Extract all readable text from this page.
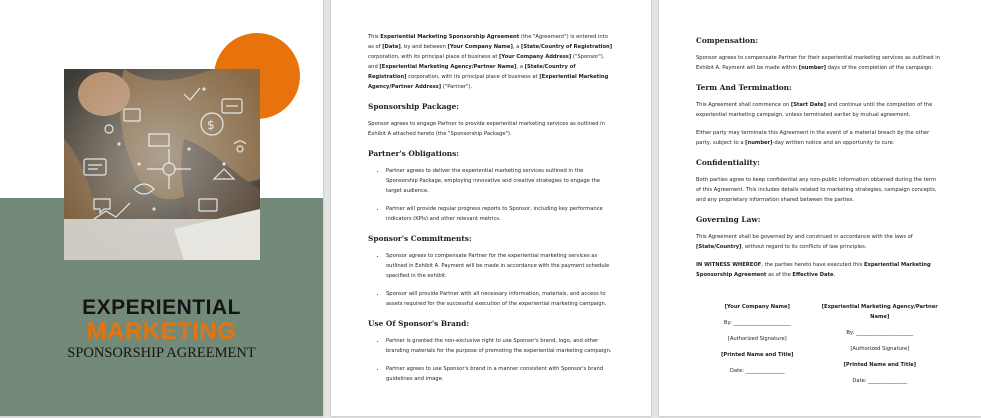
$
EXPERIENTIAL
MARKETING
SPONSORSHIP AGREEMENT

This Experiential Marketing Sponsorship Agreement (the "Agreement") is entered into as of [Date], by and between [Your Company Name], a [State/Country of Registration] corporation, with its principal place of business at [Your Company Address] ("Sponsor"), and [Experiential Marketing Agency/Partner Name], a [State/Country of Registration] corporation, with its principal place of business at [Experiential Marketing Agency/Partner Address] ("Partner").

Sponsorship Package:

Sponsor agrees to engage Partner to provide experiential marketing services as outlined in Exhibit A attached hereto (the "Sponsorship Package").

Partner's Obligations:
• Partner agrees to deliver the experiential marketing services outlined in the Sponsorship Package, employing innovative and creative strategies to engage the target audience.
• Partner will provide regular progress reports to Sponsor, including key performance indicators (KPIs) and other relevant metrics.
Sponsor's Commitments:
• Sponsor agrees to compensate Partner for the experiential marketing services as outlined in Exhibit A. Payment will be made in accordance with the payment schedule specified in the exhibit.
• Sponsor will provide Partner with all necessary information, materials, and access to assets required for the successful execution of the experiential marketing campaign.
Use Of Sponsor's Brand:
• Partner is granted the non-exclusive right to use Sponsor's brand, logo, and other branding materials for the purpose of promoting the experiential marketing campaign.
• Partner agrees to use Sponsor's brand in a manner consistent with Sponsor's brand guidelines and image.
Compensation:

Sponsor agrees to compensate Partner for their experiential marketing services as outlined in Exhibit A. Payment will be made within [number] days of the completion of the campaign.

Term And Termination:

This Agreement shall commence on [Start Date] and continue until the completion of the experiential marketing campaign, unless terminated earlier by mutual agreement.

Either party may terminate this Agreement in the event of a material breach by the other party, subject to a [number]-day written notice and an opportunity to cure.

Confidentiality:

Both parties agree to keep confidential any non-public information obtained during the term of this Agreement. This includes details related to marketing strategies, campaign concepts, and any proprietary information shared between the parties.

Governing Law:

This Agreement shall be governed by and construed in accordance with the laws of [State/Country], without regard to its conflicts of law principles.

IN WITNESS WHEREOF, the parties hereto have executed this Experiential Marketing Sponsorship Agreement as of the Effective Date.

[Your Company Name]
By: ______________________
[Authorized Signature]
[Printed Name and Title]
Date: _______________
[Experiential Marketing Agency/Partner Name]
By: ______________________
[Authorized Signature]
[Printed Name and Title]
Date: _______________
